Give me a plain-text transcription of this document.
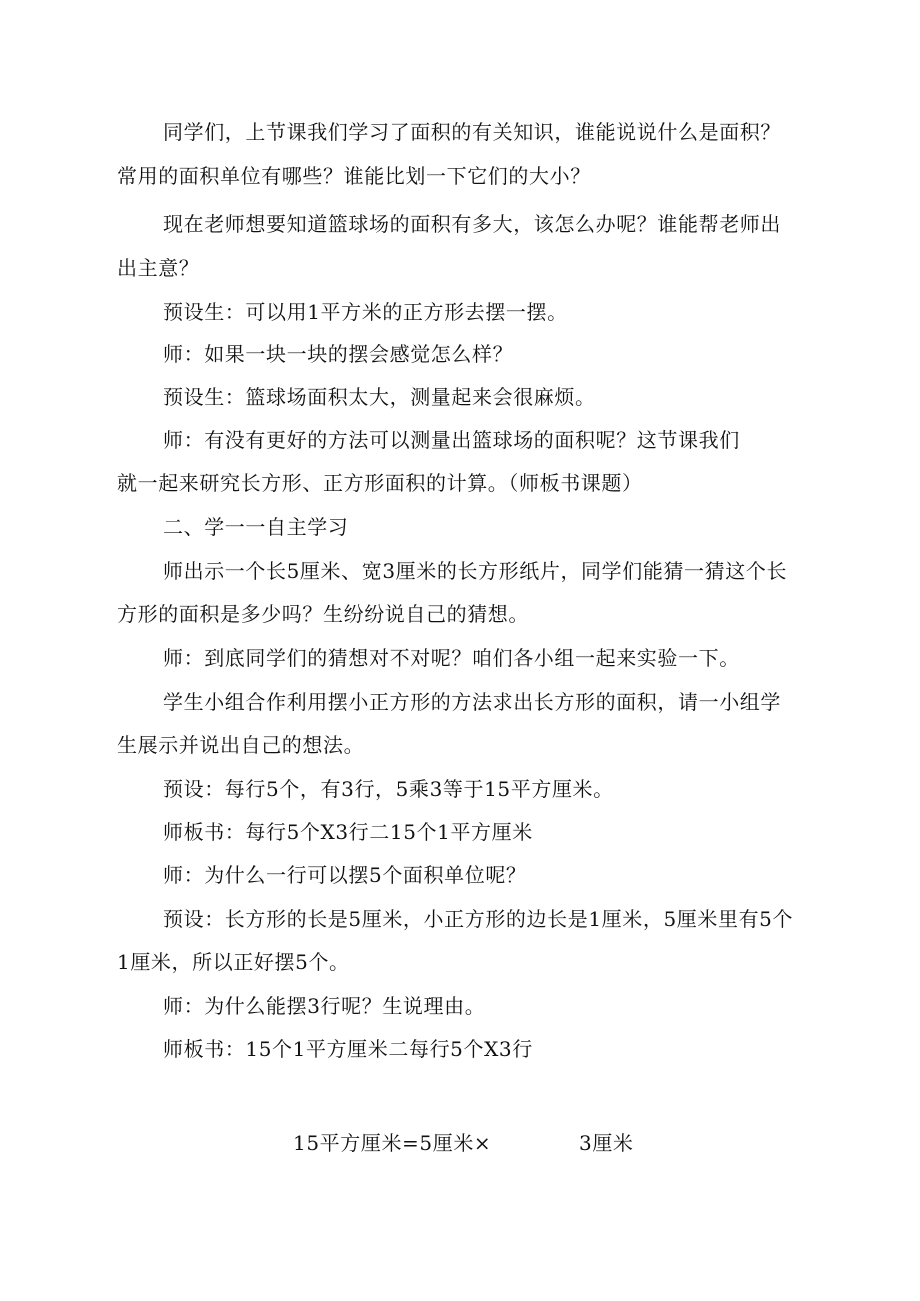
同学们，上节课我们学习了面积的有关知识，谁能说说什么是面积？
常用的面积单位有哪些？谁能比划一下它们的大小？
现在老师想要知道篮球场的面积有多大，该怎么办呢？谁能帮老师出
出主意？
预设生：可以用1平方米的正方形去摆一摆。
师：如果一块一块的摆会感觉怎么样？
预设生：篮球场面积太大，测量起来会很麻烦。
师：有没有更好的方法可以测量出篮球场的面积呢？这节课我们
就一起来研究长方形、正方形面积的计算。（师板书课题）
二、学一一自主学习
师出示一个长5厘米、宽3厘米的长方形纸片，同学们能猜一猜这个长
方形的面积是多少吗？生纷纷说自己的猜想。
师：到底同学们的猜想对不对呢？咱们各小组一起来实验一下。
学生小组合作利用摆小正方形的方法求出长方形的面积，请一小组学
生展示并说出自己的想法。
预设：每行5个，有3行，5乘3等于15平方厘米。
师板书：每行5个X3行二15个1平方厘米
师：为什么一行可以摆5个面积单位呢？
预设：长方形的长是5厘米，小正方形的边长是1厘米，5厘米里有5个
1厘米，所以正好摆5个。
师：为什么能摆3行呢？生说理由。
师板书：15个1平方厘米二每行5个X3行
15平方厘米=5厘米×	3厘米
